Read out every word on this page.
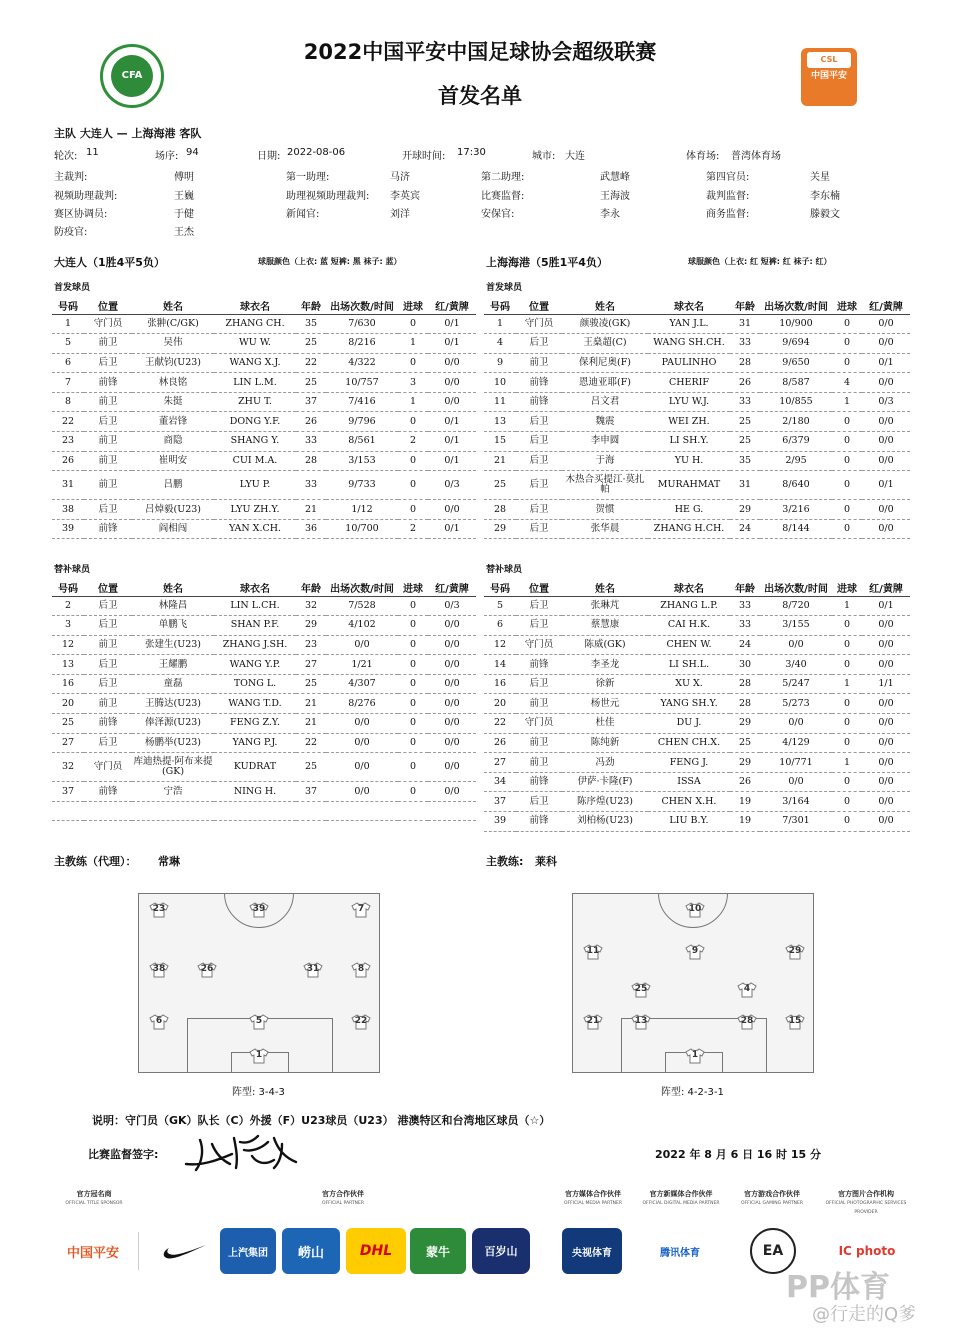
CFA
2022中国平安中国足球协会超级联赛
首发名单
CSL
中国平安
主队 大连人 — 上海海港 客队
轮次: 11	场序: 94	日期: 2022-08-06	开球时间: 17:30	城市: 大连	体育场: 普湾体育场
主裁判:	傅明	第一助理:	马济	第二助理:	武慧峰	第四官员:	关星
视频助理裁判:	王巍	助理视频助理裁判: 李英宾	比赛监督:	王海波	裁判监督:	李东楠
赛区协调员:	于健	新闻官:	刘洋	安保官:	李永	商务监督:	滕毅文
防疫官:	王杰
大连人（1胜4平5负）	球服颜色（上衣: 蓝 短裤: 黑 袜子: 蓝）	上海海港（5胜1平4负）	球服颜色（上衣: 红 短裤: 红 袜子: 红）
首发球员	首发球员
号码	位置	姓名	球衣名	年龄	出场次数/时间	进球	红/黄牌
1	守门员	张翀(C/GK)	ZHANG CH.	35	7/630	0	0/1
5	前卫	吴伟	WU W.	25	8/216	1	0/1
6	后卫	王献钧(U23)	WANG X.J.	22	4/322	0	0/0
7	前锋	林良铭	LIN L.M.	25	10/757	3	0/0
8	前卫	朱挺	ZHU T.	37	7/416	1	0/0
22	后卫	董岩锋	DONG Y.F.	26	9/796	0	0/1
23	前卫	商隐	SHANG Y.	33	8/561	2	0/1
26	前卫	崔明安	CUI M.A.	28	3/153	0	0/1
31	前卫	吕鹏	LYU P.	33	9/733	0	0/3
38	后卫	吕焯毅(U23)	LYU ZH.Y.	21	1/12	0	0/0
39	前锋	阎相闯	YAN X.CH.	36	10/700	2	0/1
号码	位置	姓名	球衣名	年龄	出场次数/时间	进球	红/黄牌
1	守门员	颜骏凌(GK)	YAN J.L.	31	10/900	0	0/0
4	后卫	王燊超(C)	WANG SH.CH.	33	9/694	0	0/0
9	前卫	保利尼奥(F)	PAULINHO	28	9/650	0	0/1
10	前锋	恩迪亚耶(F)	CHERIF	26	8/587	4	0/0
11	前锋	吕文君	LYU W.J.	33	10/855	1	0/3
13	后卫	魏震	WEI ZH.	25	2/180	0	0/0
15	后卫	李申圆	LI SH.Y.	25	6/379	0	0/0
21	后卫	于海	YU H.	35	2/95	0	0/0
25	后卫	木热合买提江·莫扎帕	MURAHMAT	31	8/640	0	0/1
28	后卫	贺惯	HE G.	29	3/216	0	0/0
29	后卫	张华晨	ZHANG H.CH.	24	8/144	0	0/0
替补球员	替补球员
号码	位置	姓名	球衣名	年龄	出场次数/时间	进球	红/黄牌
2	后卫	林隆昌	LIN L.CH.	32	7/528	0	0/3
3	后卫	单鹏飞	SHAN P.F.	29	4/102	0	0/0
12	前卫	张建生(U23)	ZHANG J.SH.	23	0/0	0	0/0
13	后卫	王耀鹏	WANG Y.P.	27	1/21	0	0/0
16	后卫	童磊	TONG L.	25	4/307	0	0/0
20	前卫	王腾达(U23)	WANG T.D.	21	8/276	0	0/0
25	前锋	俸泽源(U23)	FENG Z.Y.	21	0/0	0	0/0
27	后卫	杨鹏举(U23)	YANG P.J.	22	0/0	0	0/0
32	守门员	库迪热提·阿布来提(GK)	KUDRAT	25	0/0	0	0/0
37	前锋	宁浩	NING H.	37	0/0	0	0/0

号码	位置	姓名	球衣名	年龄	出场次数/时间	进球	红/黄牌
5	后卫	张琳芃	ZHANG L.P.	33	8/720	1	0/1
6	后卫	蔡慧康	CAI H.K.	33	3/155	0	0/0
12	守门员	陈威(GK)	CHEN W.	24	0/0	0	0/0
14	前锋	李圣龙	LI SH.L.	30	3/40	0	0/0
16	后卫	徐新	XU X.	28	5/247	1	1/1
20	前卫	杨世元	YANG SH.Y.	28	5/273	0	0/0
22	守门员	杜佳	DU J.	29	0/0	0	0/0
26	前卫	陈纯新	CHEN CH.X.	25	4/129	0	0/0
27	前卫	冯劲	FENG J.	29	10/771	1	0/0
34	前锋	伊萨·卡隆(F)	ISSA	26	0/0	0	0/0
37	后卫	陈序煌(U23)	CHEN X.H.	19	3/164	0	0/0
39	前锋	刘柏杨(U23)	LIU B.Y.	19	7/301	0	0/0
主教练（代理）： 常琳	主教练: 莱科
23	39	7
38	26	31	8
6	5	22
1
阵型: 3-4-3
10
11	9	29
25	4
21	13	28	15
1
阵型: 4-2-3-1
说明：守门员（GK）队长（C）外援（F）U23球员（U23） 港澳特区和台湾地区球员（☆）
比赛监督签字:	2022 年 8 月 6 日 16 时 15 分
官方冠名商
OFFICIAL TITLE SPONSOR
官方合作伙伴
OFFICIAL PARTNER
官方媒体合作伙伴
OFFICIAL MEDIA PARTNER
官方新媒体合作伙伴
OFFICIAL DIGITAL MEDIA PARTNER
官方游戏合作伙伴
OFFICIAL GAMING PARTNER
官方图片合作机构
OFFICIAL PHOTOGRAPHIC SERVICES PROVIDER
中国平安	上汽集团	崂山	DHL	蒙牛	百岁山	央视体育	腾讯体育	EA	IC photo
PP体育
@行走的Q爹
